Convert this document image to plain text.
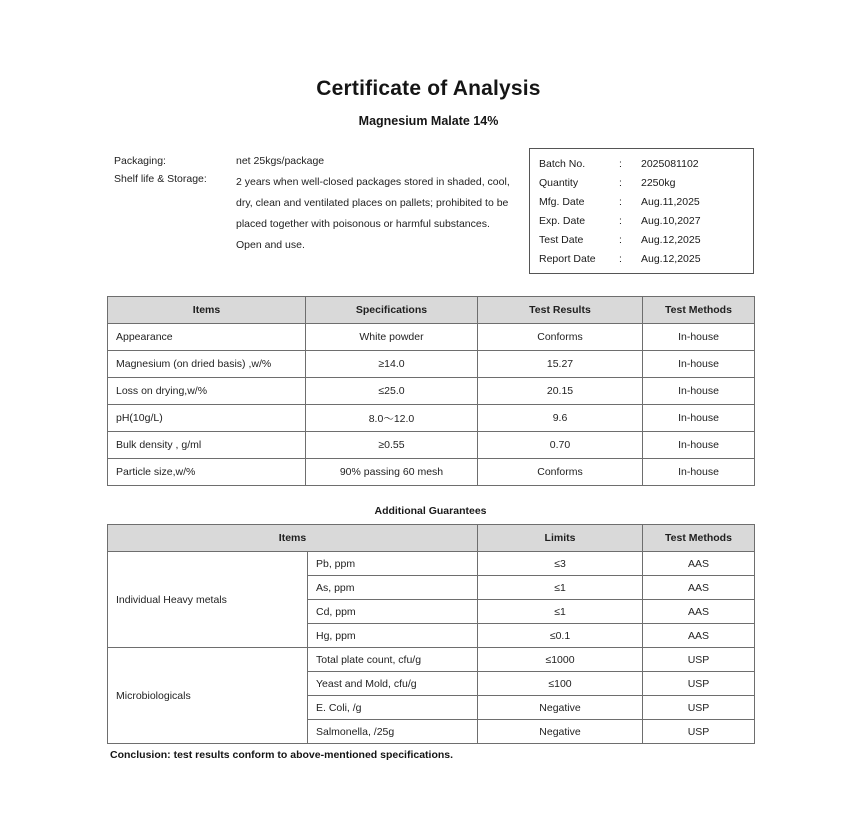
Certificate of Analysis
Magnesium Malate 14%
Packaging:	net 25kgs/package
Shelf life & Storage:	2 years when well-closed packages stored in shaded, cool,
dry, clean and ventilated places on pallets; prohibited to be
placed together with poisonous or harmful substances.
Open and use.
Batch No.	:	2025081102
Quantity	:	2250kg
Mfg. Date	:	Aug.11,2025
Exp. Date	:	Aug.10,2027
Test Date	:	Aug.12,2025
Report Date	:	Aug.12,2025
Items	Specifications	Test Results	Test Methods
Appearance	White powder	Conforms	In-house
Magnesium (on dried basis) ,w/%	≥14.0	15.27	In-house
Loss on drying,w/%	≤25.0	20.15	In-house
pH(10g/L)	8.0～12.0	9.6	In-house
Bulk density , g/ml	≥0.55	0.70	In-house
Particle size,w/%	90% passing 60 mesh	Conforms	In-house
Additional Guarantees
Items		Limits	Test Methods
Individual Heavy metals	Pb, ppm	≤3	AAS
	As, ppm	≤1	AAS
	Cd, ppm	≤1	AAS
	Hg, ppm	≤0.1	AAS
Microbiologicals	Total plate count, cfu/g	≤1000	USP
	Yeast and Mold, cfu/g	≤100	USP
	E. Coli, /g	Negative	USP
	Salmonella, /25g	Negative	USP
Conclusion: test results conform to above-mentioned specifications.
